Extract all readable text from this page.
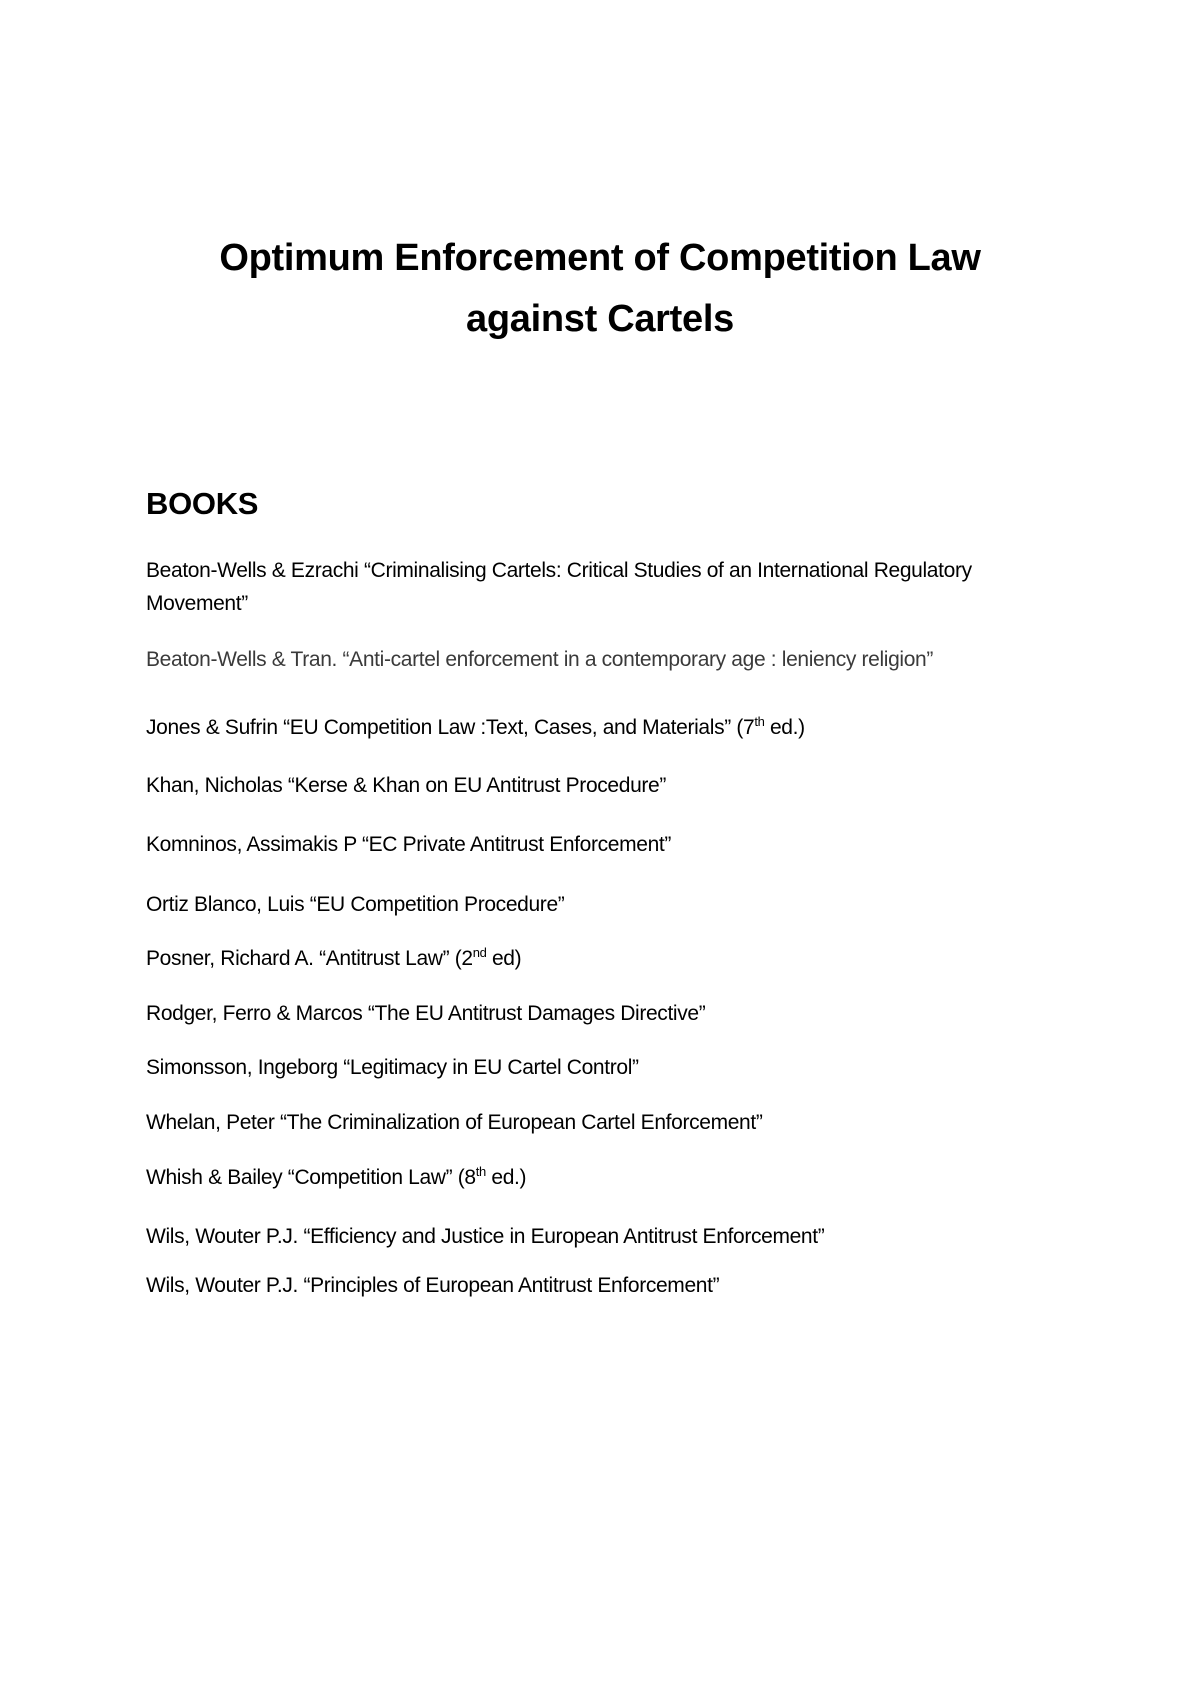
Optimum Enforcement of Competition Law
against Cartels
BOOKS
Beaton-Wells & Ezrachi “Criminalising Cartels: Critical Studies of an International Regulatory Movement”
Beaton-Wells & Tran. “Anti-cartel enforcement in a contemporary age : leniency religion”
Jones & Sufrin “EU Competition Law :Text, Cases, and Materials” (7th ed.)
Khan, Nicholas “Kerse & Khan on EU Antitrust Procedure”
Komninos, Assimakis P “EC Private Antitrust Enforcement”
Ortiz Blanco, Luis “EU Competition Procedure”
Posner, Richard A. “Antitrust Law” (2nd ed)
Rodger, Ferro & Marcos “The EU Antitrust Damages Directive”
Simonsson, Ingeborg “Legitimacy in EU Cartel Control”
Whelan, Peter “The Criminalization of European Cartel Enforcement”
Whish & Bailey “Competition Law” (8th ed.)
Wils, Wouter P.J. “Efficiency and Justice in European Antitrust Enforcement”
Wils, Wouter P.J. “Principles of European Antitrust Enforcement”
